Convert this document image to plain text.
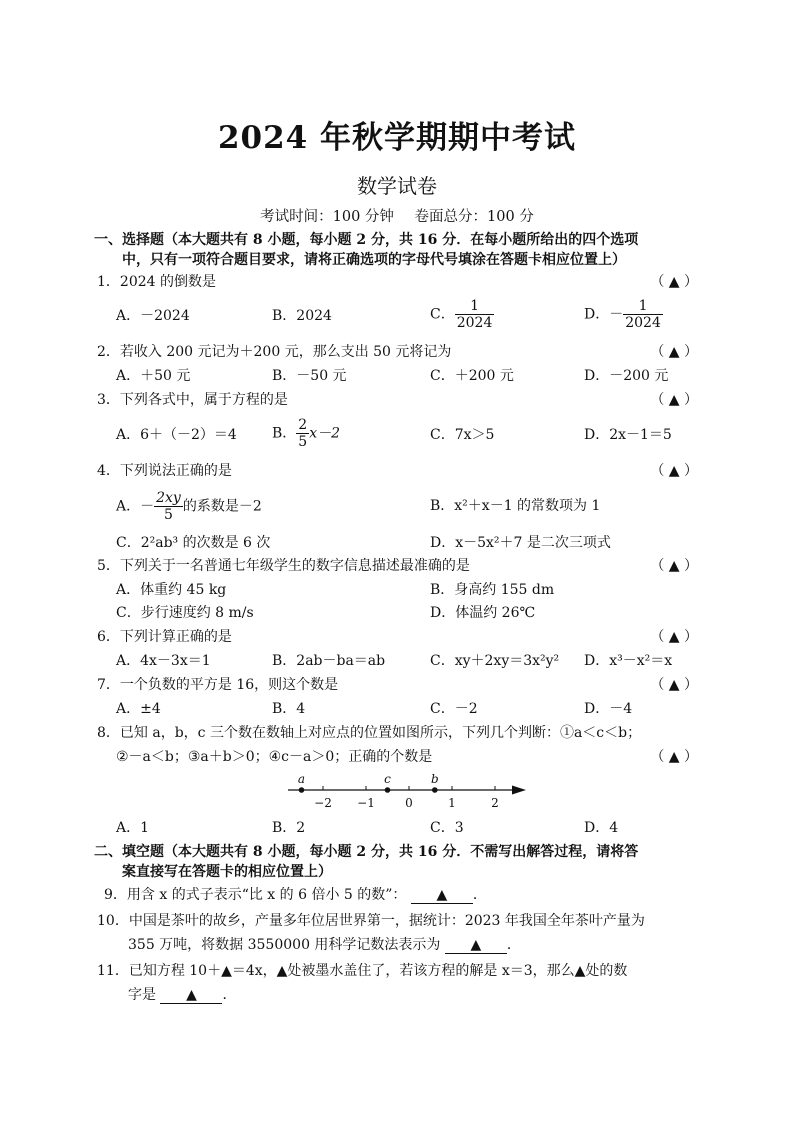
2024 年秋学期期中考试
数学试卷
考试时间：100 分钟 卷面总分：100 分
一、选择题（本大题共有 8 小题，每小题 2 分，共 16 分．在每小题所给出的四个选项
中，只有一项符合题目要求，请将正确选项的字母代号填涂在答题卡相应位置上）
1．2024 的倒数是	（ ▲ ）
A．－2024	B．2024	C． $\frac{1}{2024}$	D．－ $\frac{1}{2024}$
2．若收入 200 元记为＋200 元，那么支出 50 元将记为	（ ▲ ）
A．＋50 元	B．－50 元	C．＋200 元	D．－200 元
3．下列各式中，属于方程的是	（ ▲ ）
A．6＋（－2）＝4	B． $\frac{2}{5} x-2$	C．7x＞5	D．2x－1＝5
4．下列说法正确的是	（ ▲ ）
A．－ $\frac{2xy}{5}$ 的系数是－2	B．x²＋x－1 的常数项为 1
C．2²ab³ 的次数是 6 次	D．x－5x²＋7 是二次三项式
5．下列关于一名普通七年级学生的数字信息描述最准确的是	（ ▲ ）
A．体重约 45 kg	B．身高约 155 dm
C．步行速度约 8 m/s	D．体温约 26℃
6．下列计算正确的是	（ ▲ ）
A．4x－3x＝1	B．2ab－ba＝ab	C．xy＋2xy＝3x²y² D．x³－x²＝x
7．一个负数的平方是 16，则这个数是	（ ▲ ）
A．±4	B．4	C．－2	D．－4
8．已知 a，b，c 三个数在数轴上对应点的位置如图所示，下列几个判断：①a＜c＜b；
②－a＜b；③a＋b＞0；④c－a＞0；正确的个数是	（ ▲ ）
−2 −1	0	1	2
a	c	b
A．1	B．2	C．3	D．4
二、填空题（本大题共有 8 小题，每小题 2 分，共 16 分．不需写出解答过程，请将答
案直接写在答题卡的相应位置上）
9．用含 x 的式子表示“比 x 的 6 倍小 5 的数”： ▲ ．
10．中国是茶叶的故乡，产量多年位居世界第一，据统计：2023 年我国全年茶叶产量为
355 万吨，将数据 3550000 用科学记数法表示为 ▲ ．
11．已知方程 10＋▲＝4x，▲处被墨水盖住了，若该方程的解是 x＝3，那么▲处的数
字是 ▲ ．
